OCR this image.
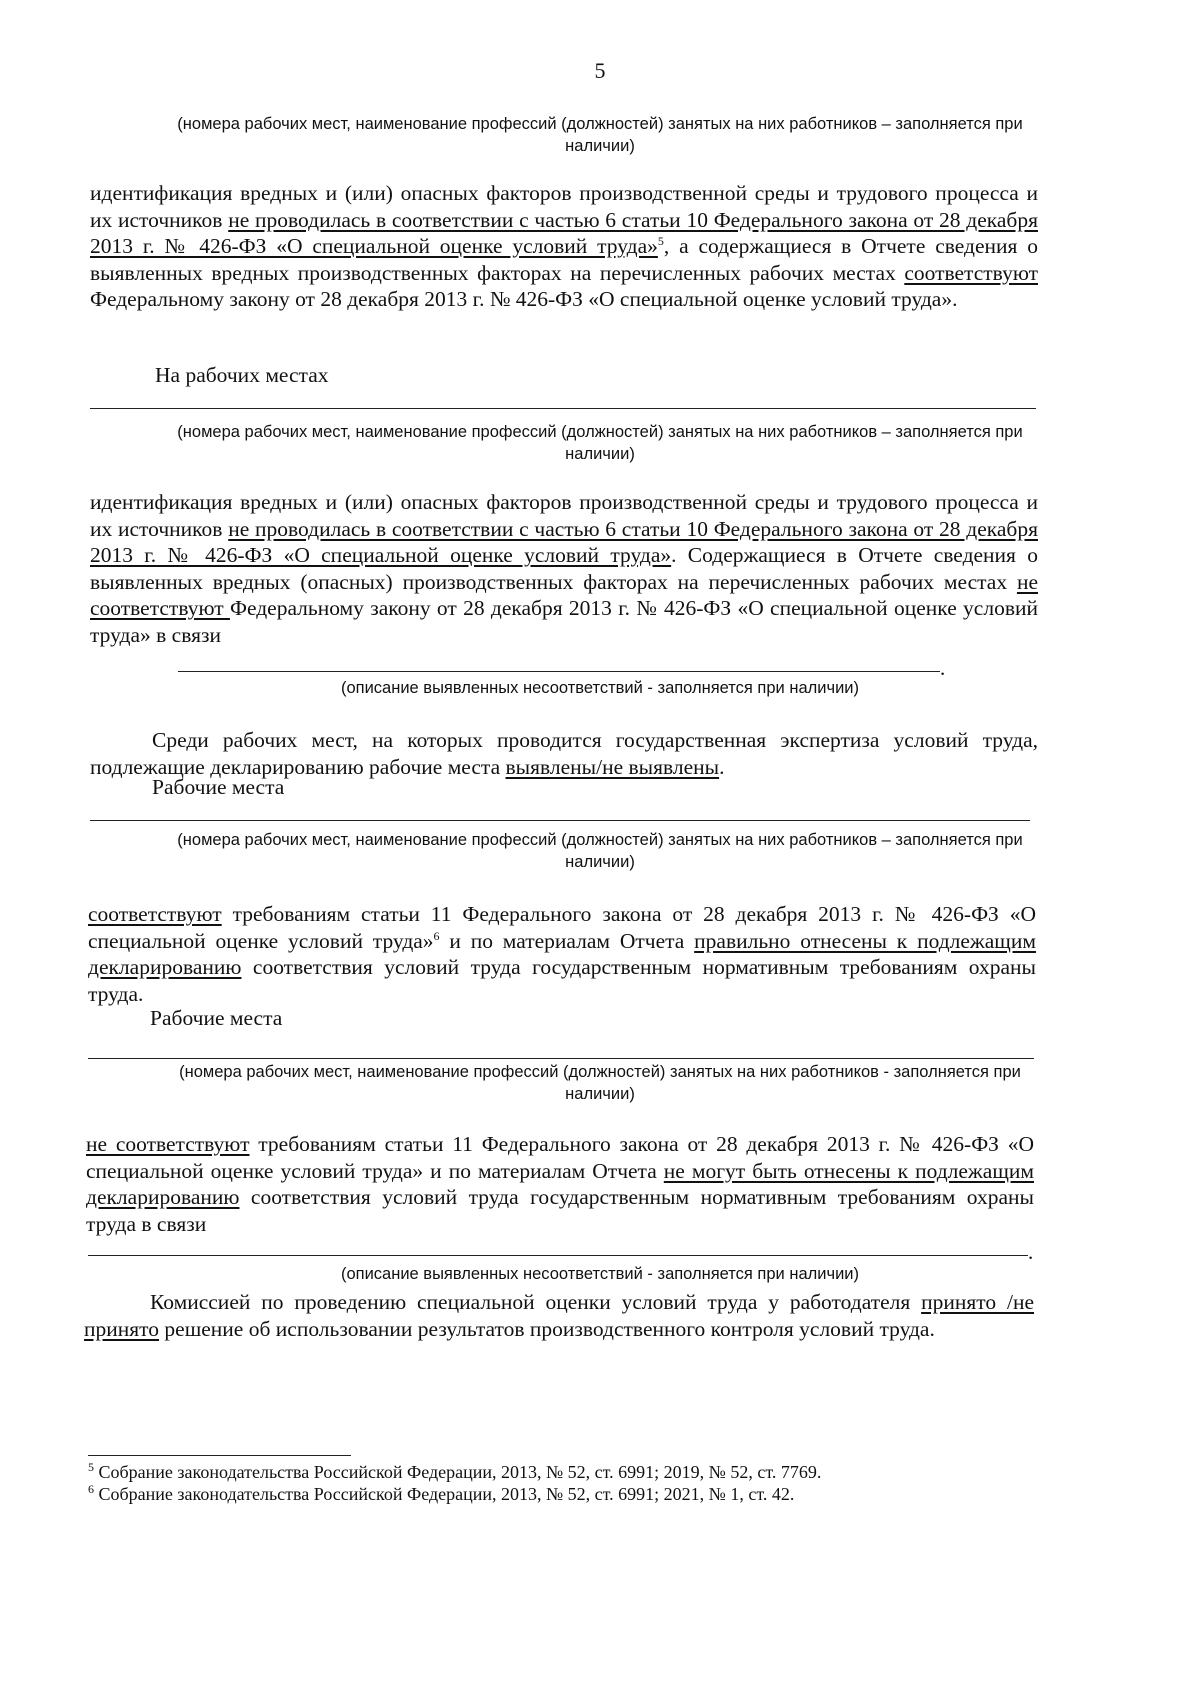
5
(номера рабочих мест, наименование профессий (должностей) занятых на них работников – заполняется при
наличии)
идентификация вредных и (или) опасных факторов производственной среды и трудового процесса и их источников не проводилась в соответствии с частью 6 статьи 10 Федерального закона от 28 декабря 2013 г. № 426-ФЗ «О специальной оценке условий труда»$^5$, а содержащиеся в Отчете сведения о выявленных вредных производственных факторах на перечисленных рабочих местах соответствуют Федеральному закону от 28 декабря 2013 г. № 426-ФЗ «О специальной оценке условий труда».
На рабочих местах
(номера рабочих мест, наименование профессий (должностей) занятых на них работников – заполняется при
наличии)
идентификация вредных и (или) опасных факторов производственной среды и трудового процесса и их источников не проводилась в соответствии с частью 6 статьи 10 Федерального закона от 28 декабря 2013 г. № 426-ФЗ «О специальной оценке условий труда». Содержащиеся в Отчете сведения о выявленных вредных (опасных) производственных факторах на перечисленных рабочих местах не соответствуют Федеральному закону от 28 декабря 2013 г. № 426-ФЗ «О специальной оценке условий труда» в связи
.
(описание выявленных несоответствий - заполняется при наличии)
Среди рабочих мест, на которых проводится государственная экспертиза условий труда, подлежащие декларированию рабочие места выявлены/не выявлены.
Рабочие места
(номера рабочих мест, наименование профессий (должностей) занятых на них работников – заполняется при
наличии)
соответствуют требованиям статьи 11 Федерального закона от 28 декабря 2013 г. № 426-ФЗ «О специальной оценке условий труда»$^6$ и по материалам Отчета правильно отнесены к подлежащим декларированию соответствия условий труда государственным нормативным требованиям охраны труда.
Рабочие места
(номера рабочих мест, наименование профессий (должностей) занятых на них работников - заполняется при
наличии)
не соответствуют требованиям статьи 11 Федерального закона от 28 декабря 2013 г. № 426-ФЗ «О специальной оценке условий труда» и по материалам Отчета не могут быть отнесены к подлежащим декларированию соответствия условий труда государственным нормативным требованиям охраны труда в связи
.
(описание выявленных несоответствий - заполняется при наличии)
Комиссией по проведению специальной оценки условий труда у работодателя принято /не принято решение об использовании результатов производственного контроля условий труда.
$^5$ Собрание законодательства Российской Федерации, 2013, № 52, ст. 6991; 2019, № 52, ст. 7769.
$^6$ Собрание законодательства Российской Федерации, 2013, № 52, ст. 6991; 2021, № 1, ст. 42.
